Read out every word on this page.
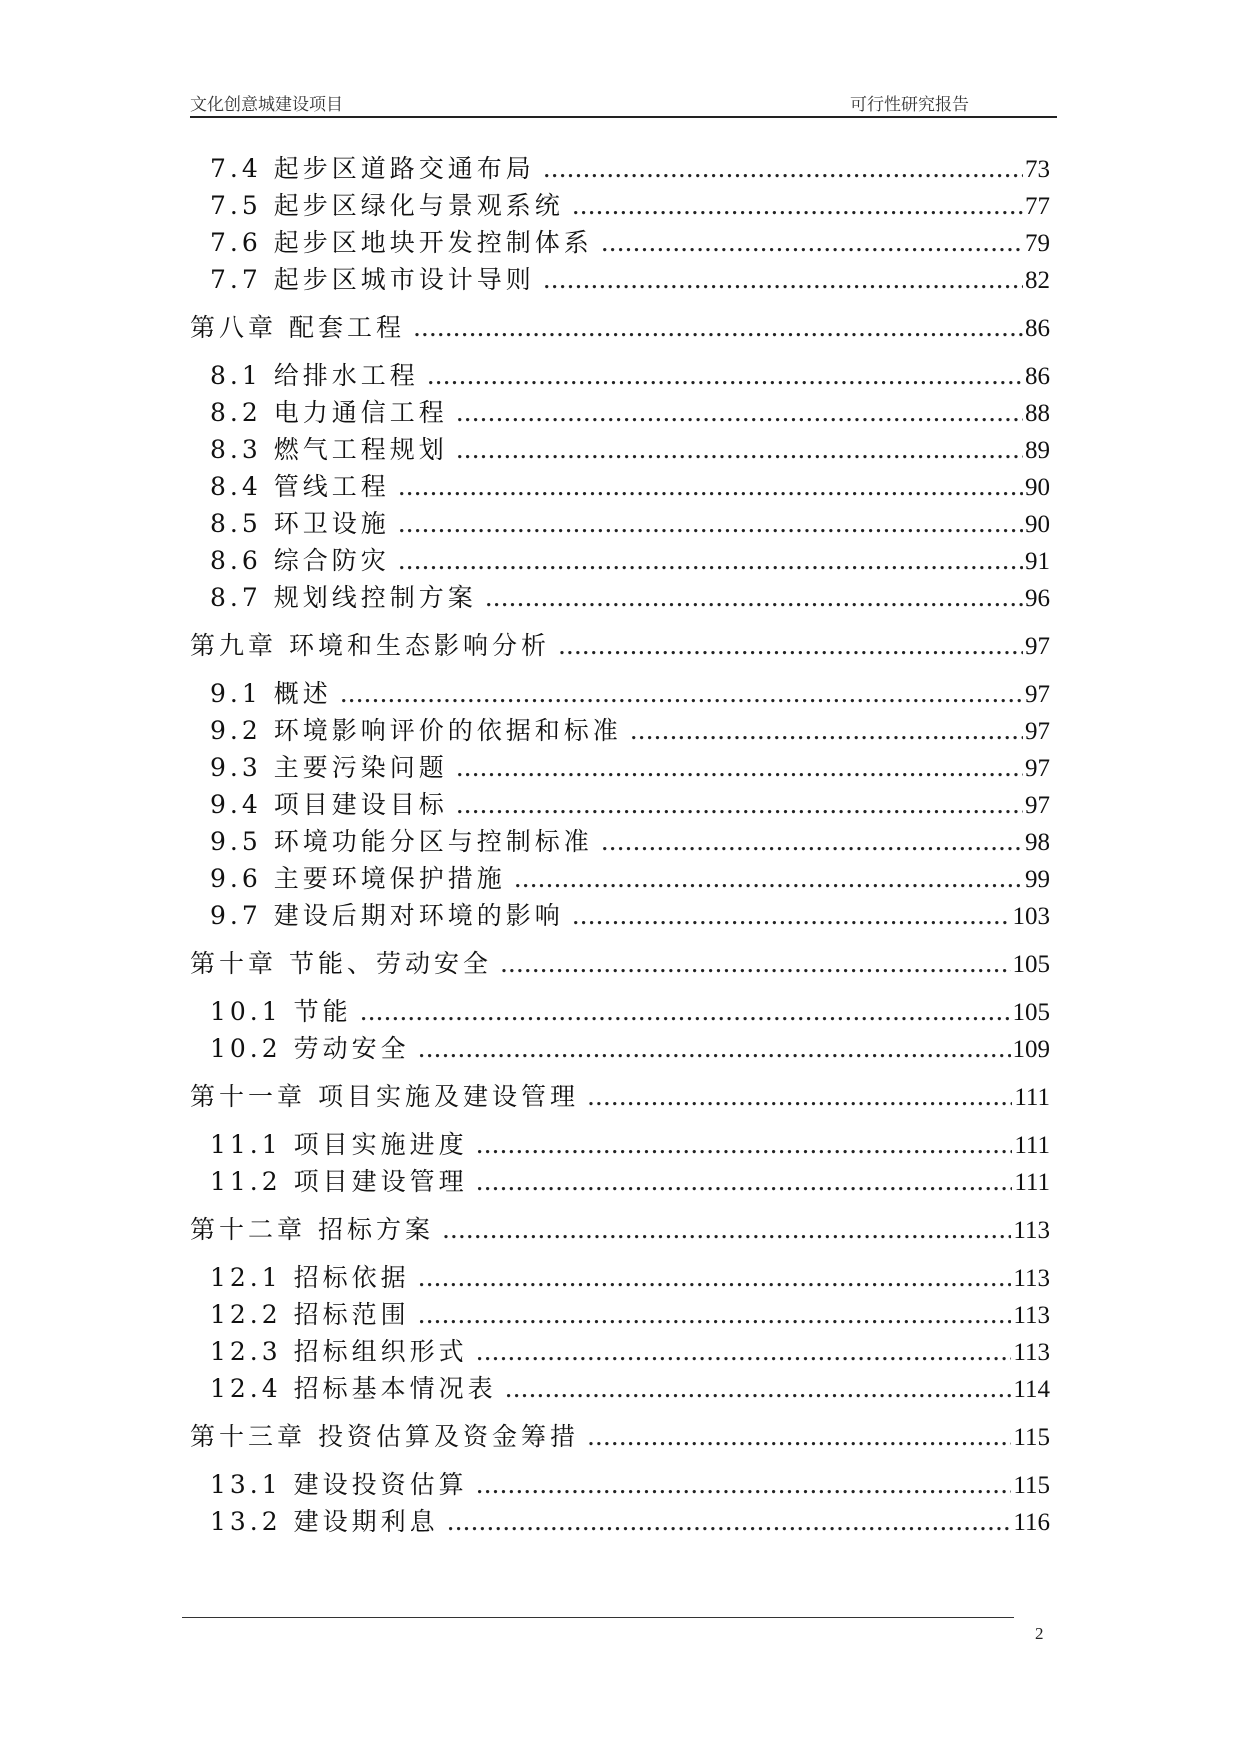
文化创意城建设项目	可行性研究报告
7.4 起步区道路交通布局 .....	73
7.5 起步区绿化与景观系统 .....	77
7.6 起步区地块开发控制体系 .....	79
7.7 起步区城市设计导则 .....	82
第八章 配套工程 .....	86
8.1 给排水工程 .....	86
8.2 电力通信工程 .....	88
8.3 燃气工程规划 .....	89
8.4 管线工程 .....	90
8.5 环卫设施 .....	90
8.6 综合防灾 .....	91
8.7 规划线控制方案 .....	96
第九章 环境和生态影响分析 .....	97
9.1 概述 .....	97
9.2 环境影响评价的依据和标准 .....	97
9.3 主要污染问题 .....	97
9.4 项目建设目标 .....	97
9.5 环境功能分区与控制标准 .....	98
9.6 主要环境保护措施 .....	99
9.7 建设后期对环境的影响 .....	103
第十章 节能、劳动安全 .....	105
10.1 节能 .....	105
10.2 劳动安全 .....	109
第十一章 项目实施及建设管理 .....	111
11.1 项目实施进度 .....	111
11.2 项目建设管理 .....	111
第十二章 招标方案 .....	113
12.1 招标依据 .....	113
12.2 招标范围 .....	113
12.3 招标组织形式 .....	113
12.4 招标基本情况表 .....	114
第十三章 投资估算及资金筹措 .....	115
13.1 建设投资估算 .....	115
13.2 建设期利息 .....	116
2
